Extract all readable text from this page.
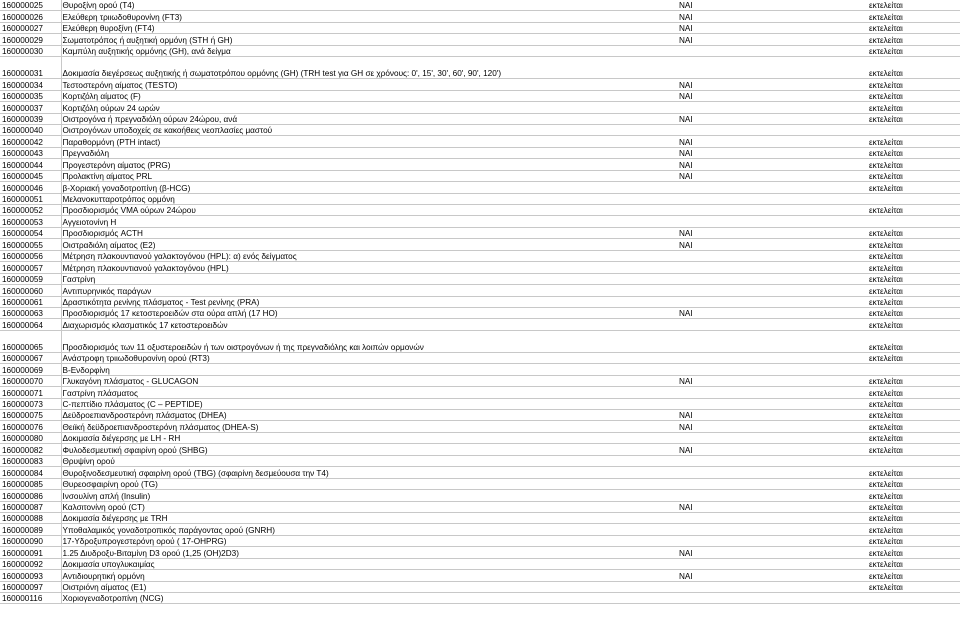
160000025	Θυροξίνη ορού (Τ4)	ΝΑΙ	εκτελείται
160000026	Ελεύθερη τριιωδοθυρονίνη (FT3)	ΝΑΙ	εκτελείται
160000027	Ελεύθερη θυροξίνη (FT4)	ΝΑΙ	εκτελείται
160000029	Σωματοτρόπος ή αυξητική ορμόνη (STH ή GH)	ΝΑΙ	εκτελείται
160000030	Καμπύλη αυξητικής ορμόνης (GH), ανά δείγμα		εκτελείται
160000031	Δοκιμασία διεγέρσεως αυξητικής ή σωματοτρόπου ορμόνης (GH) (TRH test για GH σε χρόνους: 0', 15', 30', 60', 90', 120')		εκτελείται
160000034	Τεστοστερόνη αίματος (TESTO)	ΝΑΙ	εκτελείται
160000035	Κορτιζόλη αίματος (F)	ΝΑΙ	εκτελείται
160000037	Κορτιζόλη ούρων 24 ωρών		εκτελείται
160000039	Οιστρογόνα ή πρεγναδιόλη ούρων 24ώρου, ανά	ΝΑΙ	εκτελείται
160000040	Οιστρογόνων υποδοχείς σε κακοήθεις νεοπλασίες μαστού		
160000042	Παραθορμόνη (PTH intact)	ΝΑΙ	εκτελείται
160000043	Πρεγναδιόλη	ΝΑΙ	εκτελείται
160000044	Προγεστερόνη αίματος (PRG)	ΝΑΙ	εκτελείται
160000045	Προλακτίνη αίματος PRL	ΝΑΙ	εκτελείται
160000046	β-Χοριακή γοναδοτροπίνη (β-HCG)		εκτελείται
160000051	Μελανοκυτταροτρόπος ορμόνη		
160000052	Προσδιορισμός VMA ούρων 24ώρου		εκτελείται
160000053	Αγγειοτονίνη Η		
160000054	Προσδιορισμός ACTH	ΝΑΙ	εκτελείται
160000055	Οιστραδιόλη αίματος (Ε2)	ΝΑΙ	εκτελείται
160000056	Μέτρηση πλακουντιανού γαλακτογόνου (HPL): α) ενός δείγματος		εκτελείται
160000057	Μέτρηση πλακουντιανού γαλακτογόνου (HPL)		εκτελείται
160000059	Γαστρίνη		εκτελείται
160000060	Αντιπυρηνικός παράγων		εκτελείται
160000061	Δραστικότητα ρενίνης πλάσματος - Test ρενίνης (PRA)		εκτελείται
160000063	Προσδιορισμός 17 κετοστεροειδών στα ούρα απλή (17 ΗΟ)	ΝΑΙ	εκτελείται
160000064	Διαχωρισμός κλασματικός 17 κετοστεροειδών		εκτελείται
160000065	Προσδιορισμός των 11 οξυστεροειδών ή των οιστρογόνων ή της πρεγναδιόλης και λοιπών ορμονών		εκτελείται
160000067	Ανάστροφη τριιωδοθυρονίνη ορού (RT3)		εκτελείται
160000069	Β-Ενδορφίνη		
160000070	Γλυκαγόνη πλάσματος - GLUCAGON	ΝΑΙ	εκτελείται
160000071	Γαστρίνη πλάσματος		εκτελείται
160000073	C-πεπτίδιο πλάσματος (C – PEPTIDE)		εκτελείται
160000075	Δεϋδροεπιανδροστερόνη πλάσματος (DHEA)	ΝΑΙ	εκτελείται
160000076	Θειϊκή δεϋδροεπιανδροστερόνη πλάσματος (DHEA-S)	ΝΑΙ	εκτελείται
160000080	Δοκιμασία διέγερσης με LH - RH		εκτελείται
160000082	Φυλοδεσμευτική σφαιρίνη ορού (SHBG)	ΝΑΙ	εκτελείται
160000083	Θρυψίνη ορού		
160000084	Θυροξινοδεσμευτική σφαιρίνη ορού (TBG) (σφαιρίνη δεσμεύουσα την Τ4)		εκτελείται
160000085	Θυρεοσφαιρίνη ορού (TG)		εκτελείται
160000086	Ινσουλίνη απλή (Insulin)		εκτελείται
160000087	Καλσιτονίνη ορού (CT)	ΝΑΙ	εκτελείται
160000088	Δοκιμασία διέγερσης με TRH		εκτελείται
160000089	Υποθαλαμικός γοναδοτροπικός παράγοντας ορού (GNRH)		εκτελείται
160000090	17-Υδροξυπρογεστερόνη ορού ( 17-OHPRG)		εκτελείται
160000091	1.25 Διυδροξυ-Βιταμίνη D3 ορού (1,25 (ΟΗ)2D3)	ΝΑΙ	εκτελείται
160000092	Δοκιμασία υπογλυκαιμίας		εκτελείται
160000093	Αντιδιουρητική ορμόνη	ΝΑΙ	εκτελείται
160000097	Οιστριόνη αίματος (Ε1)		εκτελείται
160000116	Χοριογεναδοτροπίνη (NCG)		
